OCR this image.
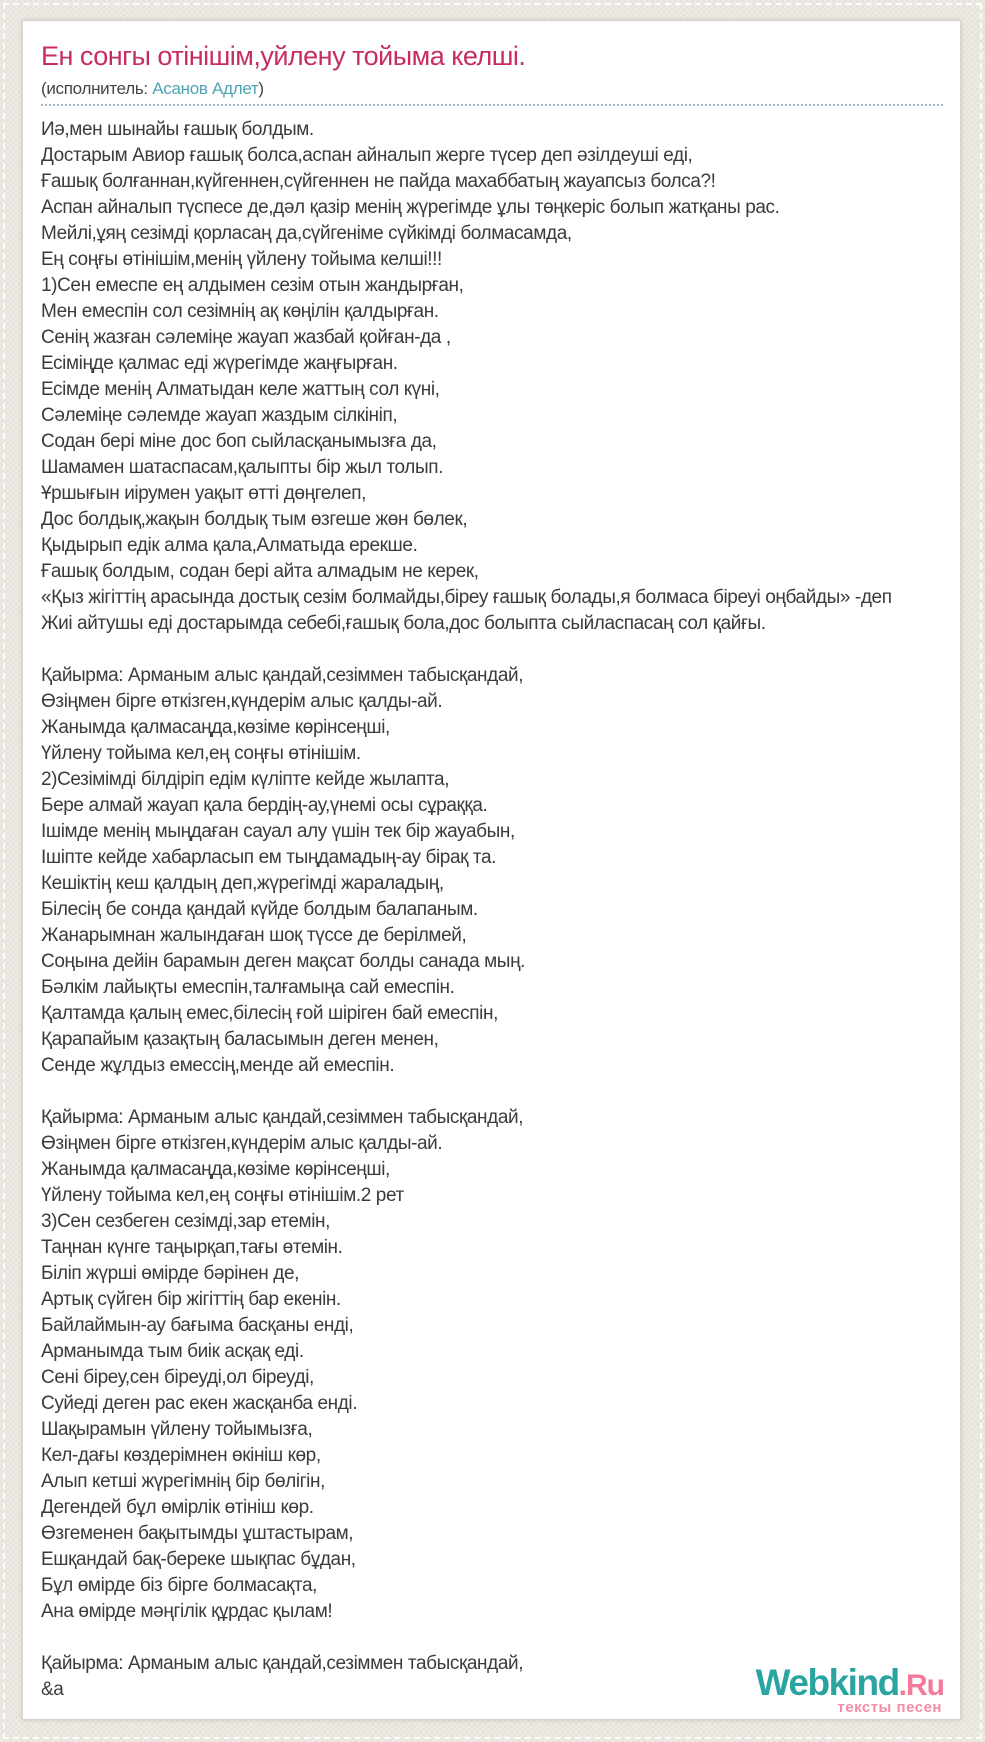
Ен сонгы отінішім,уйлену тойыма келші.
(исполнитель: Асанов Адлет)
Иә,мен шынайы ғашық болдым.
Достарым Авиор ғашық болса,аспан айналып жерге түсер деп әзілдеуші еді,
Ғашық болғаннан,күйгеннен,сүйгеннен не пайда махаббатың жауапсыз болса?!
Аспан айналып түспесе де,дәл қазір менің жүрегімде ұлы төңкеріс болып жатқаны рас.
Мейлі,ұяң сезімді қорласаң да,сүйгеніме сүйкімді болмасамда,
Ең соңғы өтінішім,менің үйлену тойыма келші!!!
1)Сен емеспе ең алдымен сезім отын жандырған,
Мен емеспін сол сезімнің ақ көңілін қалдырған.
Сенің жазған сәлеміңе жауап жазбай қойған-да ,
Есіміңде қалмас еді жүрегімде жаңғырған.
Есімде менің Алматыдан келе жаттың сол күні,
Сәлеміңе сәлемде жауап жаздым сілкініп,
Содан бері міне дос боп сыйласқанымызға да,
Шамамен шатаспасам,қалыпты бір жыл толып.
Ұршығын иірумен уақыт өтті дөңгелеп,
Дос болдық,жақын болдық тым өзгеше жөн бөлек,
Қыдырып едік алма қала,Алматыда ерекше.
Ғашық болдым, содан бері айта алмадым не керек,
«Қыз жігіттің арасында достық сезім болмайды,біреу ғашық болады,я болмаса біреуі оңбайды» -деп
Жиі айтушы еді достарымда себебі,ғашық бола,дос болыпта сыйласпасаң сол қайғы.

Қайырма: Арманым алыс қандай,сезіммен табысқандай,
Өзіңмен бірге өткізген,күндерім алыс қалды-ай.
Жанымда қалмасаңда,көзіме көрінсеңші,
Үйлену тойыма кел,ең соңғы өтінішім.
2)Сезімімді білдіріп едім күліпте кейде жылапта,
Бере алмай жауап қала бердің-ау,үнемі осы сұраққа.
Ішімде менің мыңдаған сауал алу үшін тек бір жауабын,
Ішіпте кейде хабарласып ем тыңдамадың-ау бірақ та.
Кешіктің кеш қалдың деп,жүрегімді жараладың,
Білесің бе сонда қандай күйде болдым балапаным.
Жанарымнан жалындаған шоқ түссе де берілмей,
Соңына дейін барамын деген мақсат болды санада мың.
Бәлкім лайықты емеспін,талғамыңа сай емеспін.
Қалтамда қалың емес,білесің ғой шіріген бай емеспін,
Қарапайым қазақтың баласымын деген менен,
Сенде жұлдыз емессің,менде ай емеспін.

Қайырма: Арманым алыс қандай,сезіммен табысқандай,
Өзіңмен бірге өткізген,күндерім алыс қалды-ай.
Жанымда қалмасаңда,көзіме көрінсеңші,
Үйлену тойыма кел,ең соңғы өтінішім.2 рет
3)Сен сезбеген сезімді,зар етемін,
Таңнан күнге таңырқап,тағы өтемін.
Біліп жүрші өмірде бәрінен де,
Артық сүйген бір жігіттің бар екенін.
Байлаймын-ау бағыма басқаны енді,
Арманымда тым биік асқақ еді.
Сені біреу,сен біреуді,ол біреуді,
Суйеді деген рас екен жасқанба енді.
Шақырамын үйлену тойымызға,
Кел-дағы көздерімнен өкініш көр,
Алып кетші жүрегімнің бір бөлігін,
Дегендей бұл өмірлік өтініш көр.
Өзгеменен бақытымды ұштастырам,
Ешқандай бақ-береке шықпас бұдан,
Бұл өмірде біз бірге болмасақта,
Ана өмірде мәңгілік құрдас қылам!

Қайырма: Арманым алыс қандай,сезіммен табысқандай,
&a	Webkind.Ru
тексты песен
